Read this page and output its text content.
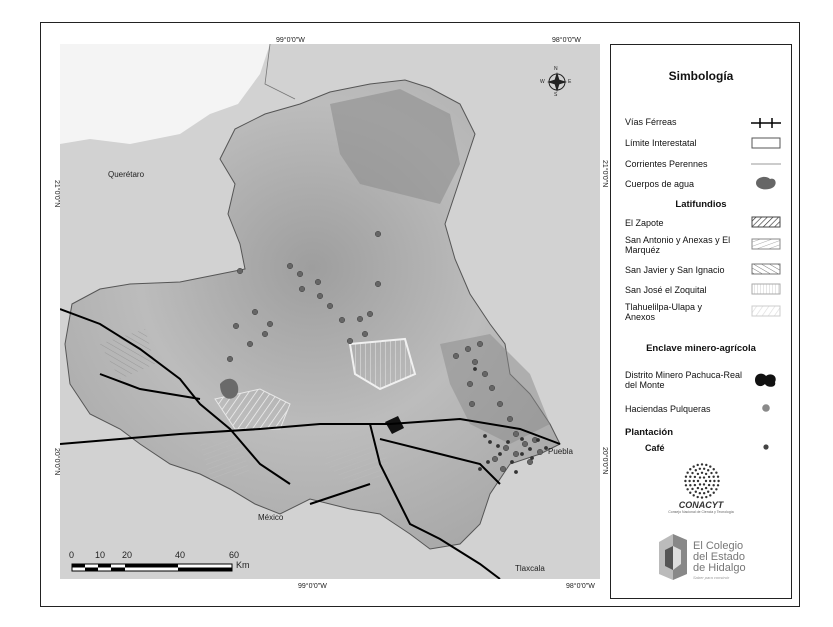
99°0'0"W	98°0'0"W
99°0'0"W	98°0'0"W
21°0'0"N
20°0'0"N
21°0'0"N
20°0'0"N
Querétaro
México
Puebla
Tlaxcala
N
S
E
W
0 10 20	40	60
Km
Simbología
Vías Férreas
Límite Interestatal
Corrientes Perennes
Cuerpos de agua
Latifundios
El Zapote
San Antonio y Anexas y El Marquéz
San Javier y San Ignacio
San José el Zoquital
Tlahuelilpa-Ulapa y Anexos
Enclave minero-agrícola
Distrito Minero Pachuca-Real del Monte
Haciendas Pulqueras
Plantación
Café
CONACYT
Consejo Nacional de Ciencia y Tecnología
El Colegio
del Estado
de Hidalgo
Saber para construir
